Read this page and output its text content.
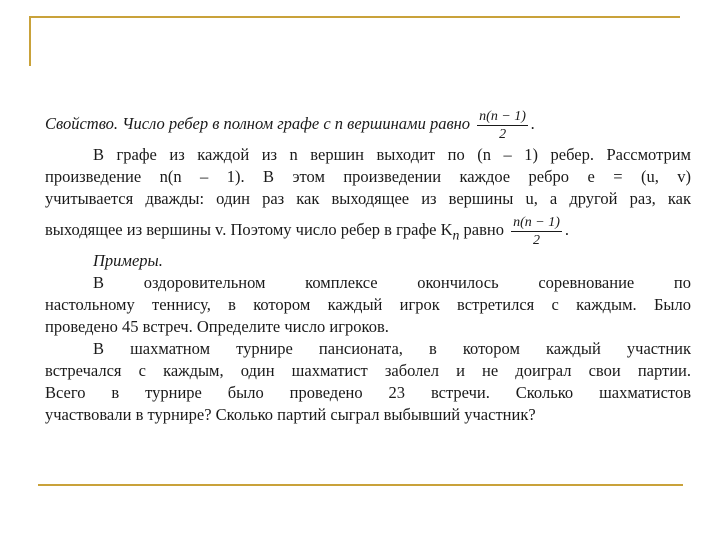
Свойство. Число ребер в полном графе с n вершинами равно $\frac{n(n - 1)}{2}$ .
В графе из каждой из n вершин выходит по (n – 1) ребер. Рассмотрим
произведение n(n – 1). В этом произведении каждое ребро e = (u, v)
учитывается дважды: один раз как выходящее из вершины u, а другой раз, как
выходящее из вершины v. Поэтому число ребер в графе $K_n$ равно $\frac{n(n - 1)}{2}$ .
Примеры.
В оздоровительном комплексе окончилось соревнование по
настольному теннису, в котором каждый игрок встретился с каждым. Было
проведено 45 встреч. Определите число игроков.
В шахматном турнире пансионата, в котором каждый участник
встречался с каждым, один шахматист заболел и не доиграл свои партии.
Всего в турнире было проведено 23 встречи. Сколько шахматистов
участвовали в турнире? Сколько партий сыграл выбывший участник?
